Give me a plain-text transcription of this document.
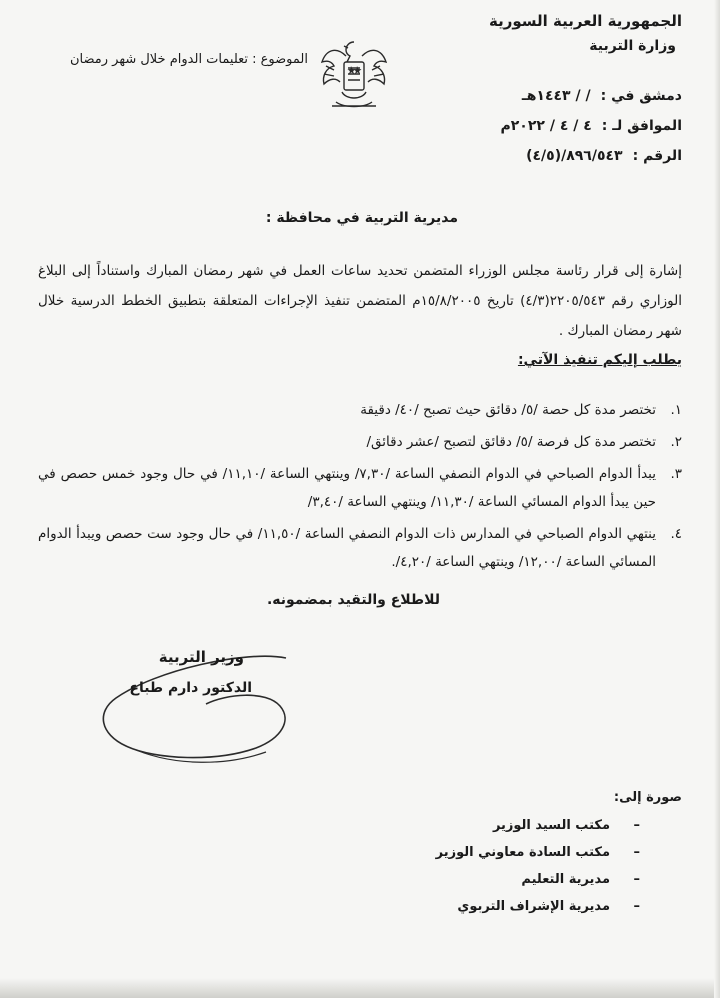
الجمهورية العربية السورية
وزارة التربية
دمشق في :/ / ١٤٤٣هـ
الموافق لـ :٤ / ٤ / ٢٠٢٢م
الرقم :٨٩٦/٥٤٣/(٤/٥)
الموضوع : تعليمات الدوام خلال شهر رمضان
مديرية التربية في محافظة :
إشارة إلى قرار رئاسة مجلس الوزراء المتضمن تحديد ساعات العمل في شهر رمضان المبارك واستناداً إلى البلاغ الوزاري رقم ٢٢٠٥/٥٤٣(٤/٣) تاريخ ١٥/٨/٢٠٠٥م المتضمن تنفيذ الإجراءات المتعلقة بتطبيق الخطط الدرسية خلال شهر رمضان المبارك .
يطلب إليكم تنفيذ الآتي:
١.
تختصر مدة كل حصة /٥/ دقائق حيث تصبح /٤٠/ دقيقة
٢.
تختصر مدة كل فرصة /٥/ دقائق لتصبح /عشر دقائق/
٣.
يبدأ الدوام الصباحي في الدوام النصفي الساعة /٧,٣٠/ وينتهي الساعة /١١,١٠/ في حال وجود خمس حصص في حين يبدأ الدوام المسائي الساعة /١١,٣٠/ وينتهي الساعة /٣,٤٠/
٤.
ينتهي الدوام الصباحي في المدارس ذات الدوام النصفي الساعة /١١,٥٠/ في حال وجود ست حصص ويبدأ الدوام المسائي الساعة /١٢,٠٠/ وينتهي الساعة /٤,٢٠/.
للاطلاع والتقيد بمضمونه.
وزير التربية
الدكتور دارم طباع
صورة إلى:
–مكتب السيد الوزير
–مكتب السادة معاوني الوزير
–مديرية التعليم
–مديرية الإشراف التربوي
